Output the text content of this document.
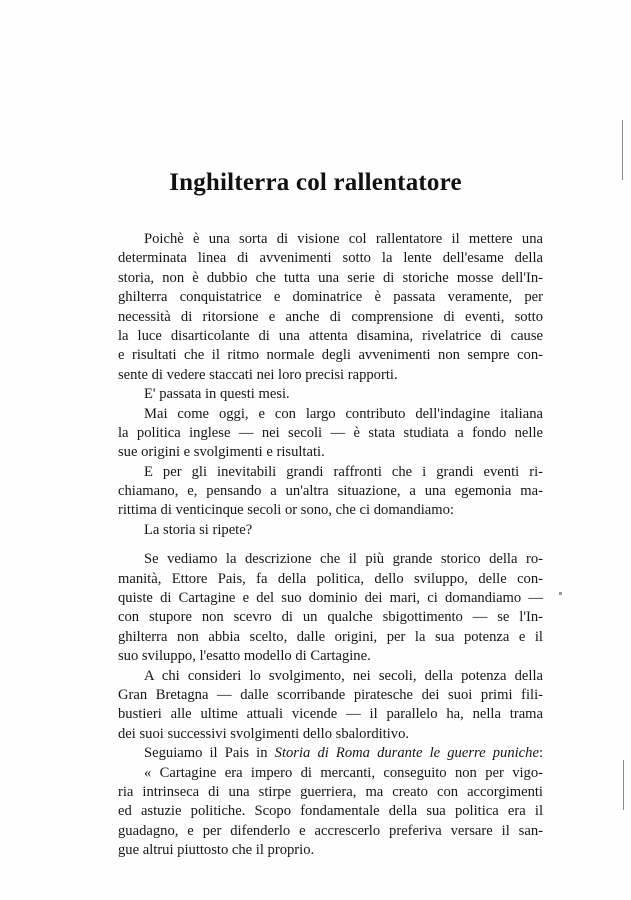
Inghilterra col rallentatore
Poichè è una sorta di visione col rallentatore il mettere una
determinata linea di avvenimenti sotto la lente dell'esame della
storia, non è dubbio che tutta una serie di storiche mosse dell'In-
ghilterra conquistatrice e dominatrice è passata veramente, per
necessità di ritorsione e anche di comprensione di eventi, sotto
la luce disarticolante di una attenta disamina, rivelatrice di cause
e risultati che il ritmo normale degli avvenimenti non sempre con-
sente di vedere staccati nei loro precisi rapporti.
E' passata in questi mesi.
Mai come oggi, e con largo contributo dell'indagine italiana
la politica inglese — nei secoli — è stata studiata a fondo nelle
sue origini e svolgimenti e risultati.
E per gli inevitabili grandi raffronti che i grandi eventi ri-
chiamano, e, pensando a un'altra situazione, a una egemonia ma-
rittima di venticinque secoli or sono, che ci domandiamo:
La storia si ripete?
Se vediamo la descrizione che il più grande storico della ro-
manità, Ettore Pais, fa della politica, dello sviluppo, delle con-
quiste di Cartagine e del suo dominio dei mari, ci domandiamo —
con stupore non scevro di un qualche sbigottimento — se l'In-
ghilterra non abbia scelto, dalle origini, per la sua potenza e il
suo sviluppo, l'esatto modello di Cartagine.
A chi consideri lo svolgimento, nei secoli, della potenza della
Gran Bretagna — dalle scorribande piratesche dei suoi primi fili-
bustieri alle ultime attuali vicende — il parallelo ha, nella trama
dei suoi successivi svolgimenti dello sbalorditivo.
Seguiamo il Pais in Storia di Roma durante le guerre puniche:
« Cartagine era impero di mercanti, conseguito non per vigo-
ria intrinseca di una stirpe guerriera, ma creato con accorgimenti
ed astuzie politiche. Scopo fondamentale della sua politica era il
guadagno, e per difenderlo e accrescerlo preferiva versare il san-
gue altrui piuttosto che il proprio.
